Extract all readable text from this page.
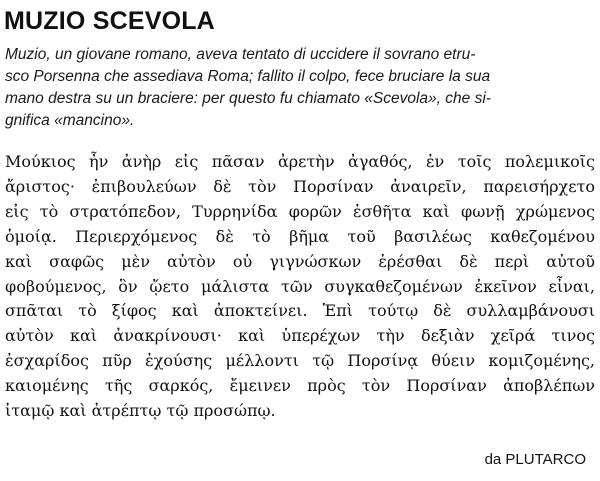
MUZIO SCEVOLA

Muzio, un giovane romano, aveva tentato di uccidere il sovrano etru-
sco Porsenna che assediava Roma; fallito il colpo, fece bruciare la sua
mano destra su un braciere: per questo fu chiamato «Scevola», che si-
gnifica «mancino».

Μούκιος ἦν ἀνὴρ εἰς πᾶσαν ἀρετὴν ἀγαθός, ἐν τοῖς πολεμικοῖς
ἄριστος· ἐπιβουλεύων δὲ τὸν Πορσίναν ἀναιρεῖν, παρεισήρχετο
εἰς τὸ στρατόπεδον, Τυρρηνίδα φορῶν ἐσθῆτα καὶ φωνῇ χρώμενος
ὁμοίᾳ. Περιερχόμενος δὲ τὸ βῆμα τοῦ βασιλέως καθεζομένου
καὶ σαφῶς μὲν αὐτὸν οὐ γιγνώσκων ἐρέσθαι δὲ περὶ αὐτοῦ
φοβούμενος, ὃν ᾤετο μάλιστα τῶν συγκαθεζομένων ἐκεῖνον εἶναι,
σπᾶται τὸ ξίφος καὶ ἀποκτείνει. Ἐπὶ τούτῳ δὲ συλλαμβάνουσι
αὐτὸν καὶ ἀνακρίνουσι· καὶ ὑπερέχων τὴν δεξιὰν χεῖρά τινος
ἐσχαρίδος πῦρ ἐχούσης μέλλοντι τῷ Πορσίνᾳ θύειν κομιζομένης,
καιομένης τῆς σαρκός, ἔμεινεν πρὸς τὸν Πορσίναν ἀποβλέπων
ἰταμῷ καὶ ἀτρέπτῳ τῷ προσώπῳ.

da PLUTARCO
